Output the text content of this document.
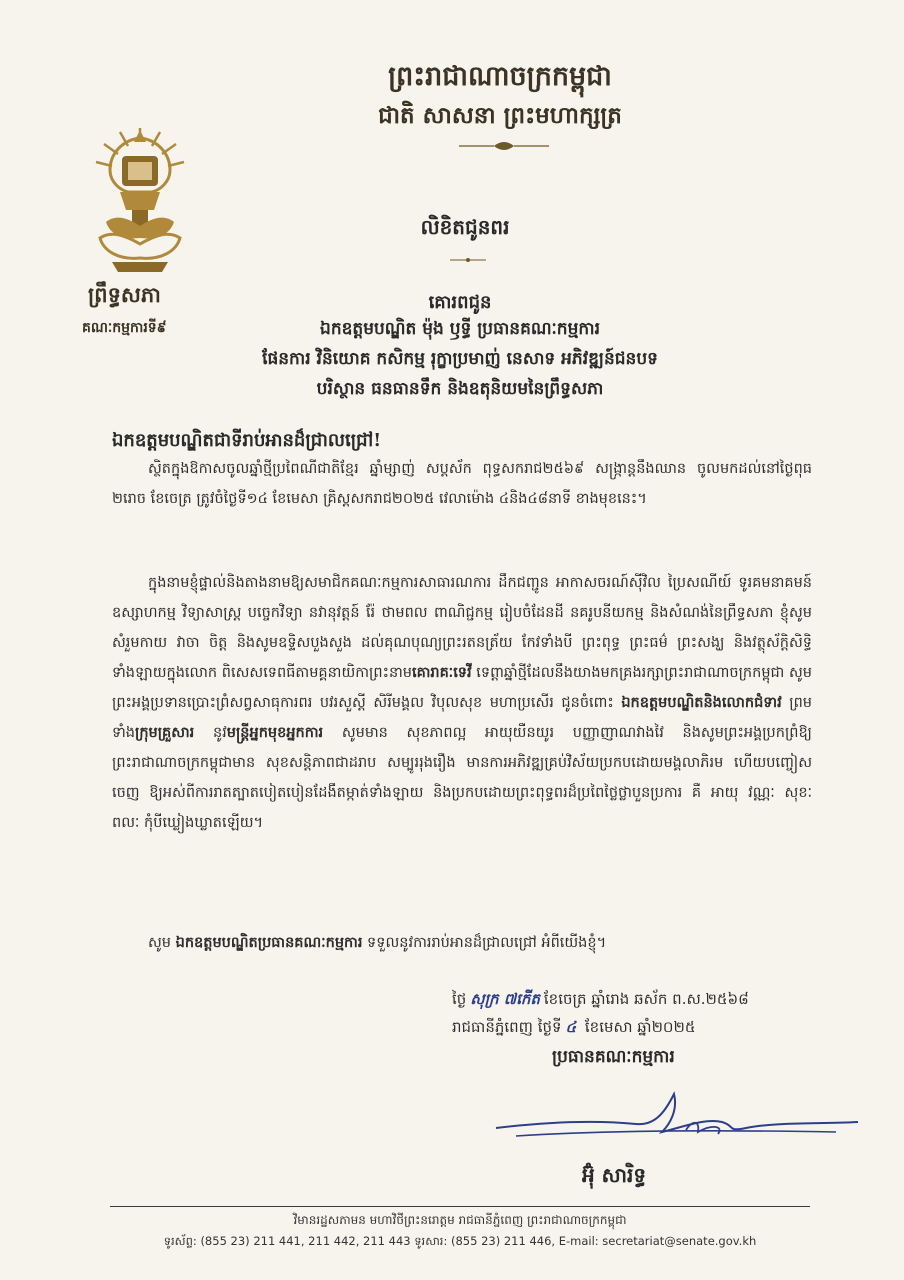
ព្រះរាជាណាចក្រកម្ពុជា
ជាតិ សាសនា ព្រះមហាក្សត្រ
ព្រឹទ្ធសភា
គណៈកម្មការទី៩
លិខិតជូនពរ
គោរពជូន
ឯកឧត្តមបណ្ឌិត ម៉ុង ឫទ្ធី ប្រធានគណៈកម្មការ
ផែនការ វិនិយោគ កសិកម្ម រុក្ខាប្រមាញ់ នេសាទ អភិវឌ្ឍន៍ជនបទ
បរិស្ថាន ធនធានទឹក និងឧតុនិយមនៃព្រឹទ្ធសភា
ឯកឧត្តមបណ្ឌិតជាទីរាប់អានដ៏ជ្រាលជ្រៅ!
ស្ថិតក្នុងឱកាសចូលឆ្នាំថ្មីប្រពៃណីជាតិខ្មែរ ឆ្នាំម្សាញ់ សប្តស័ក ពុទ្ធសករាជ២៥៦៩ សង្ក្រាន្តនឹងឈាន ចូលមកដល់នៅថ្ងៃពុធ ២រោច ខែចេត្រ ត្រូវចំថ្ងៃទី១៤ ខែមេសា គ្រិស្តសករាជ២០២៥ វេលាម៉ោង ៤និង៤៨នាទី ខាងមុខនេះ។
ក្នុងនាមខ្ញុំផ្ទាល់និងតាងនាមឱ្យសមាជិកគណៈកម្មការសាធារណការ ដឹកជញ្ជូន អាកាសចរណ៍ស៊ីវិល ប្រៃសណីយ៍ ទូរគមនាគមន៍ ឧស្សាហកម្ម វិទ្យាសាស្ត្រ បច្ចេកវិទ្យា នវានុវត្តន៍ រ៉ែ ថាមពល ពាណិជ្ជកម្ម រៀបចំដែនដី នគរូបនីយកម្ម និងសំណង់នៃព្រឹទ្ធសភា ខ្ញុំសូមសំរួមកាយ វាចា ចិត្ត និងសូមឧទ្ទិសបួងសួង ដល់គុណបុណ្យព្រះរតនត្រ័យ កែវទាំងបី ព្រះពុទ្ធ ព្រះធម៌ ព្រះសង្ឃ និងវត្ថុស័ក្តិសិទ្ធិទាំងឡាយក្នុងលោក ពិសេសទេពធីតាមគ្គនាយិកាព្រះនាមគោរាគៈទេវី ទេព្តាឆ្នាំថ្មីដែលនឹងយាងមកគ្រងរក្សាព្រះរាជាណាចក្រកម្ពុជា សូមព្រះអង្គប្រទានប្រោះព្រំសព្វសាធុការពរ បវរសួស្តី សិរីមង្គល វិបុលសុខ មហាប្រសើរ ជូនចំពោះ ឯកឧត្តមបណ្ឌិតនិងលោកជំទាវ ព្រមទាំងក្រុមគ្រួសារ នូវមន្ត្រីអ្នកមុខអ្នកការ សូមមាន សុខភាពល្អ អាយុយឺនយូរ បញ្ញាញាណវាងវៃ និងសូមព្រះអង្គប្រកព្រំឱ្យព្រះរាជាណាចក្រកម្ពុជាមាន សុខសន្តិភាពជាដរាប សម្បូររុងរឿង មានការអភិវឌ្ឍគ្រប់វិស័យប្រកបដោយមង្គលាភិរម ហើយបញ្ចៀសចេញ ឱ្យអស់ពីការរាតត្បាតបៀតបៀនដែងឹតម្កាត់ទាំងឡាយ និងប្រកបដោយព្រះពុទ្ធពរដ៏ប្រពៃថ្លៃថ្លាបួនប្រការ គឺ អាយុ វណ្ណៈ សុខៈ ពលៈ កុំបីឃ្លៀងឃ្លាតឡើយ។
សូម ឯកឧត្តមបណ្ឌិតប្រធានគណៈកម្មការ ទទួលនូវការរាប់អានដ៏ជ្រាលជ្រៅ អំពីយើងខ្ញុំ។
ថ្ងៃ សុក្រ ៧កើត ខែចេត្រ ឆ្នាំរោង ឆស័ក ព.ស.២៥៦៨
រាជធានីភ្នំពេញ ថ្ងៃទី ៤ ខែមេសា ឆ្នាំ២០២៥
ប្រធានគណៈកម្មការ
អ៊ុំ សារិទ្ធ
វិមានរដ្ឋសភាមន មហាវិថីព្រះនរោត្តម រាជធានីភ្នំពេញ ព្រះរាជាណាចក្រកម្ពុជា
ទូរស័ព្ទ: (855 23) 211 441, 211 442, 211 443 ទូរសារ: (855 23) 211 446, E-mail: secretariat@senate.gov.kh
